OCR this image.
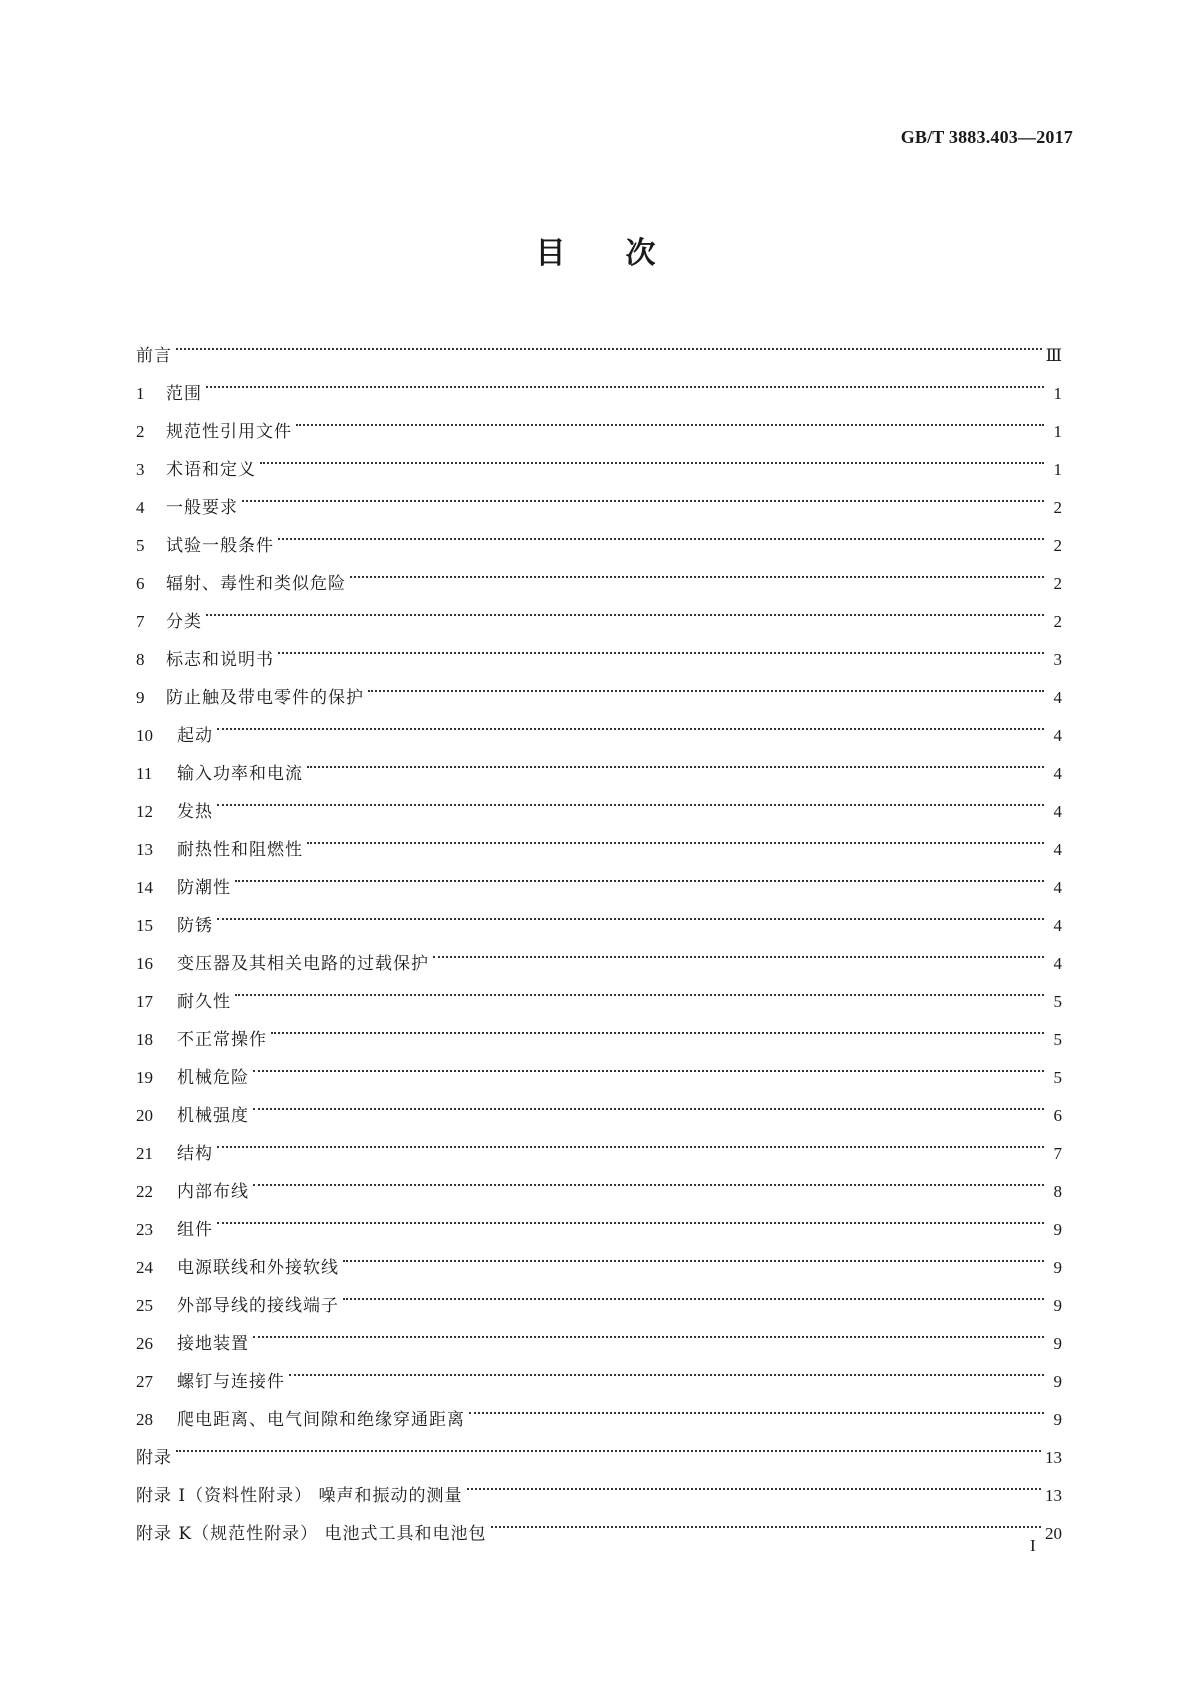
GB/T 3883.403—2017
目 次
前言	Ⅲ
1	范围	1
2	规范性引用文件	1
3	术语和定义	1
4	一般要求	2
5	试验一般条件	2
6	辐射、毒性和类似危险	2
7	分类	2
8	标志和说明书	3
9	防止触及带电零件的保护	4
10	起动	4
11	输入功率和电流	4
12	发热	4
13	耐热性和阻燃性	4
14	防潮性	4
15	防锈	4
16	变压器及其相关电路的过载保护	4
17	耐久性	5
18	不正常操作	5
19	机械危险	5
20	机械强度	6
21	结构	7
22	内部布线	8
23	组件	9
24	电源联线和外接软线	9
25	外部导线的接线端子	9
26	接地装置	9
27	螺钉与连接件	9
28	爬电距离、电气间隙和绝缘穿通距离	9
附录	13
附录 I（资料性附录） 噪声和振动的测量	13
附录 K（规范性附录） 电池式工具和电池包	20
I
